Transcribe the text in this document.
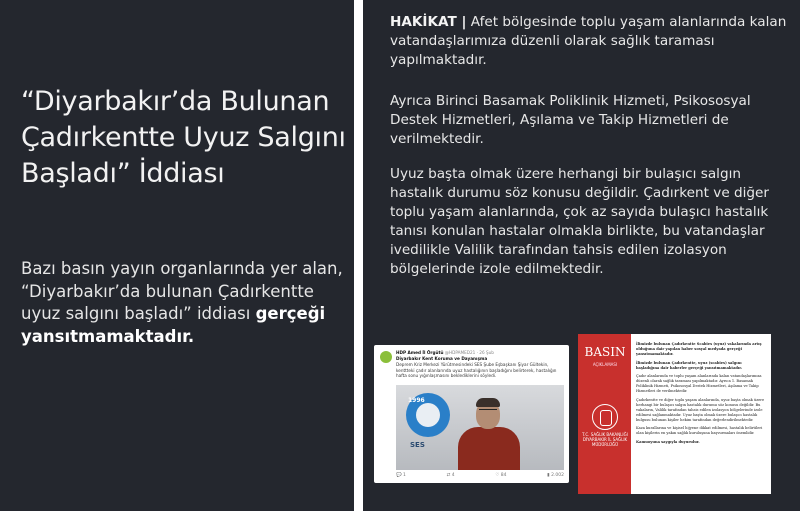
“Diyarbakır’da Bulunan Çadırkentte Uyuz Salgını Başladı” İddiası

Bazı basın yayın organlarında yer alan, “Diyarbakır’da bulunan Çadırkentte uyuz salgını başladı” iddiası gerçeği yansıtmamaktadır.

HAKİKAT | Afet bölgesinde toplu yaşam alanlarında kalan vatandaşlarımıza düzenli olarak sağlık taraması yapılmaktadır.

Ayrıca Birinci Basamak Poliklinik Hizmeti, Psikososyal Destek Hizmetleri, Aşılama ve Takip Hizmetleri de verilmektedir.

Uyuz başta olmak üzere herhangi bir bulaşıcı salgın hastalık durumu söz konusu değildir. Çadırkent ve diğer toplu yaşam alanlarında, çok az sayıda bulaşıcı hastalık tanısı konulan hastalar olmakla birlikte, bu vatandaşlar ivedilikle Valilik tarafından tahsis edilen izolasyon bölgelerinde izole edilmektedir.

HDP Amed İl Örgütü @HDPAMED21 · 26 Şub
Diyarbakır Kent Koruma ve Dayanışma
Deprem Kriz Merkezi Yürütmesindeki SES Şube Eşbaşkanı Şiyar Gültekin, kenttteki çadır alanlarında uyuz hastalığının başladığını belirterek, hastalığın hafta sonu yığınlaşmasını beklediklerini söyledi.
1996
SES
💬 1	⇄ 4	♡ 84	▮ 2.002
BASIN
AÇIKLAMASI
T.C. SAĞLIK BAKANLIĞI DİYARBAKIR İL SAĞLIK MÜDÜRLÜĞÜ

İlimizde bulunan Çadırkentte Scabies (uyuz) vakalarında artış olduğuna dair yapılan haber sosyal medyada gerçeği yansıtmamaktadır.

İlimizde bulunan Çadırkentte, uyuz (scabies) salgını başladığına dair haberler gerçeği yansıtmamaktadır.

Çadır alanlarında ve toplu yaşam alanlarında kalan vatandaşlarımıza düzenli olarak sağlık taraması yapılmaktadır. Ayrıca 1. Basamak Poliklinik Hizmeti, Psikososyal Destek Hizmetleri, Aşılama ve Takip Hizmetleri de verilmektedir.

Çadırkentte ve diğer toplu yaşam alanlarında, uyuz başta olmak üzere herhangi bir bulaşıcı salgın hastalık durumu söz konusu değildir. Bu vakaların, Valilik tarafından tahsis edilen izolasyon bölgelerinde izole edilmesi sağlanmaktadır. Uyuz başta olmak üzere bulaşıcı hastalık bulgusu bulunan kişiler hekim tarafından değerlendirilmektedir.

Kaza kurallarına ve kişisel hijyene dikkat edilmesi, hastalık belirtileri olan kişilerin en yakın sağlık kuruluşuna başvurmaları önemlidir.

Kamuoyuna saygıyla duyurulur.
